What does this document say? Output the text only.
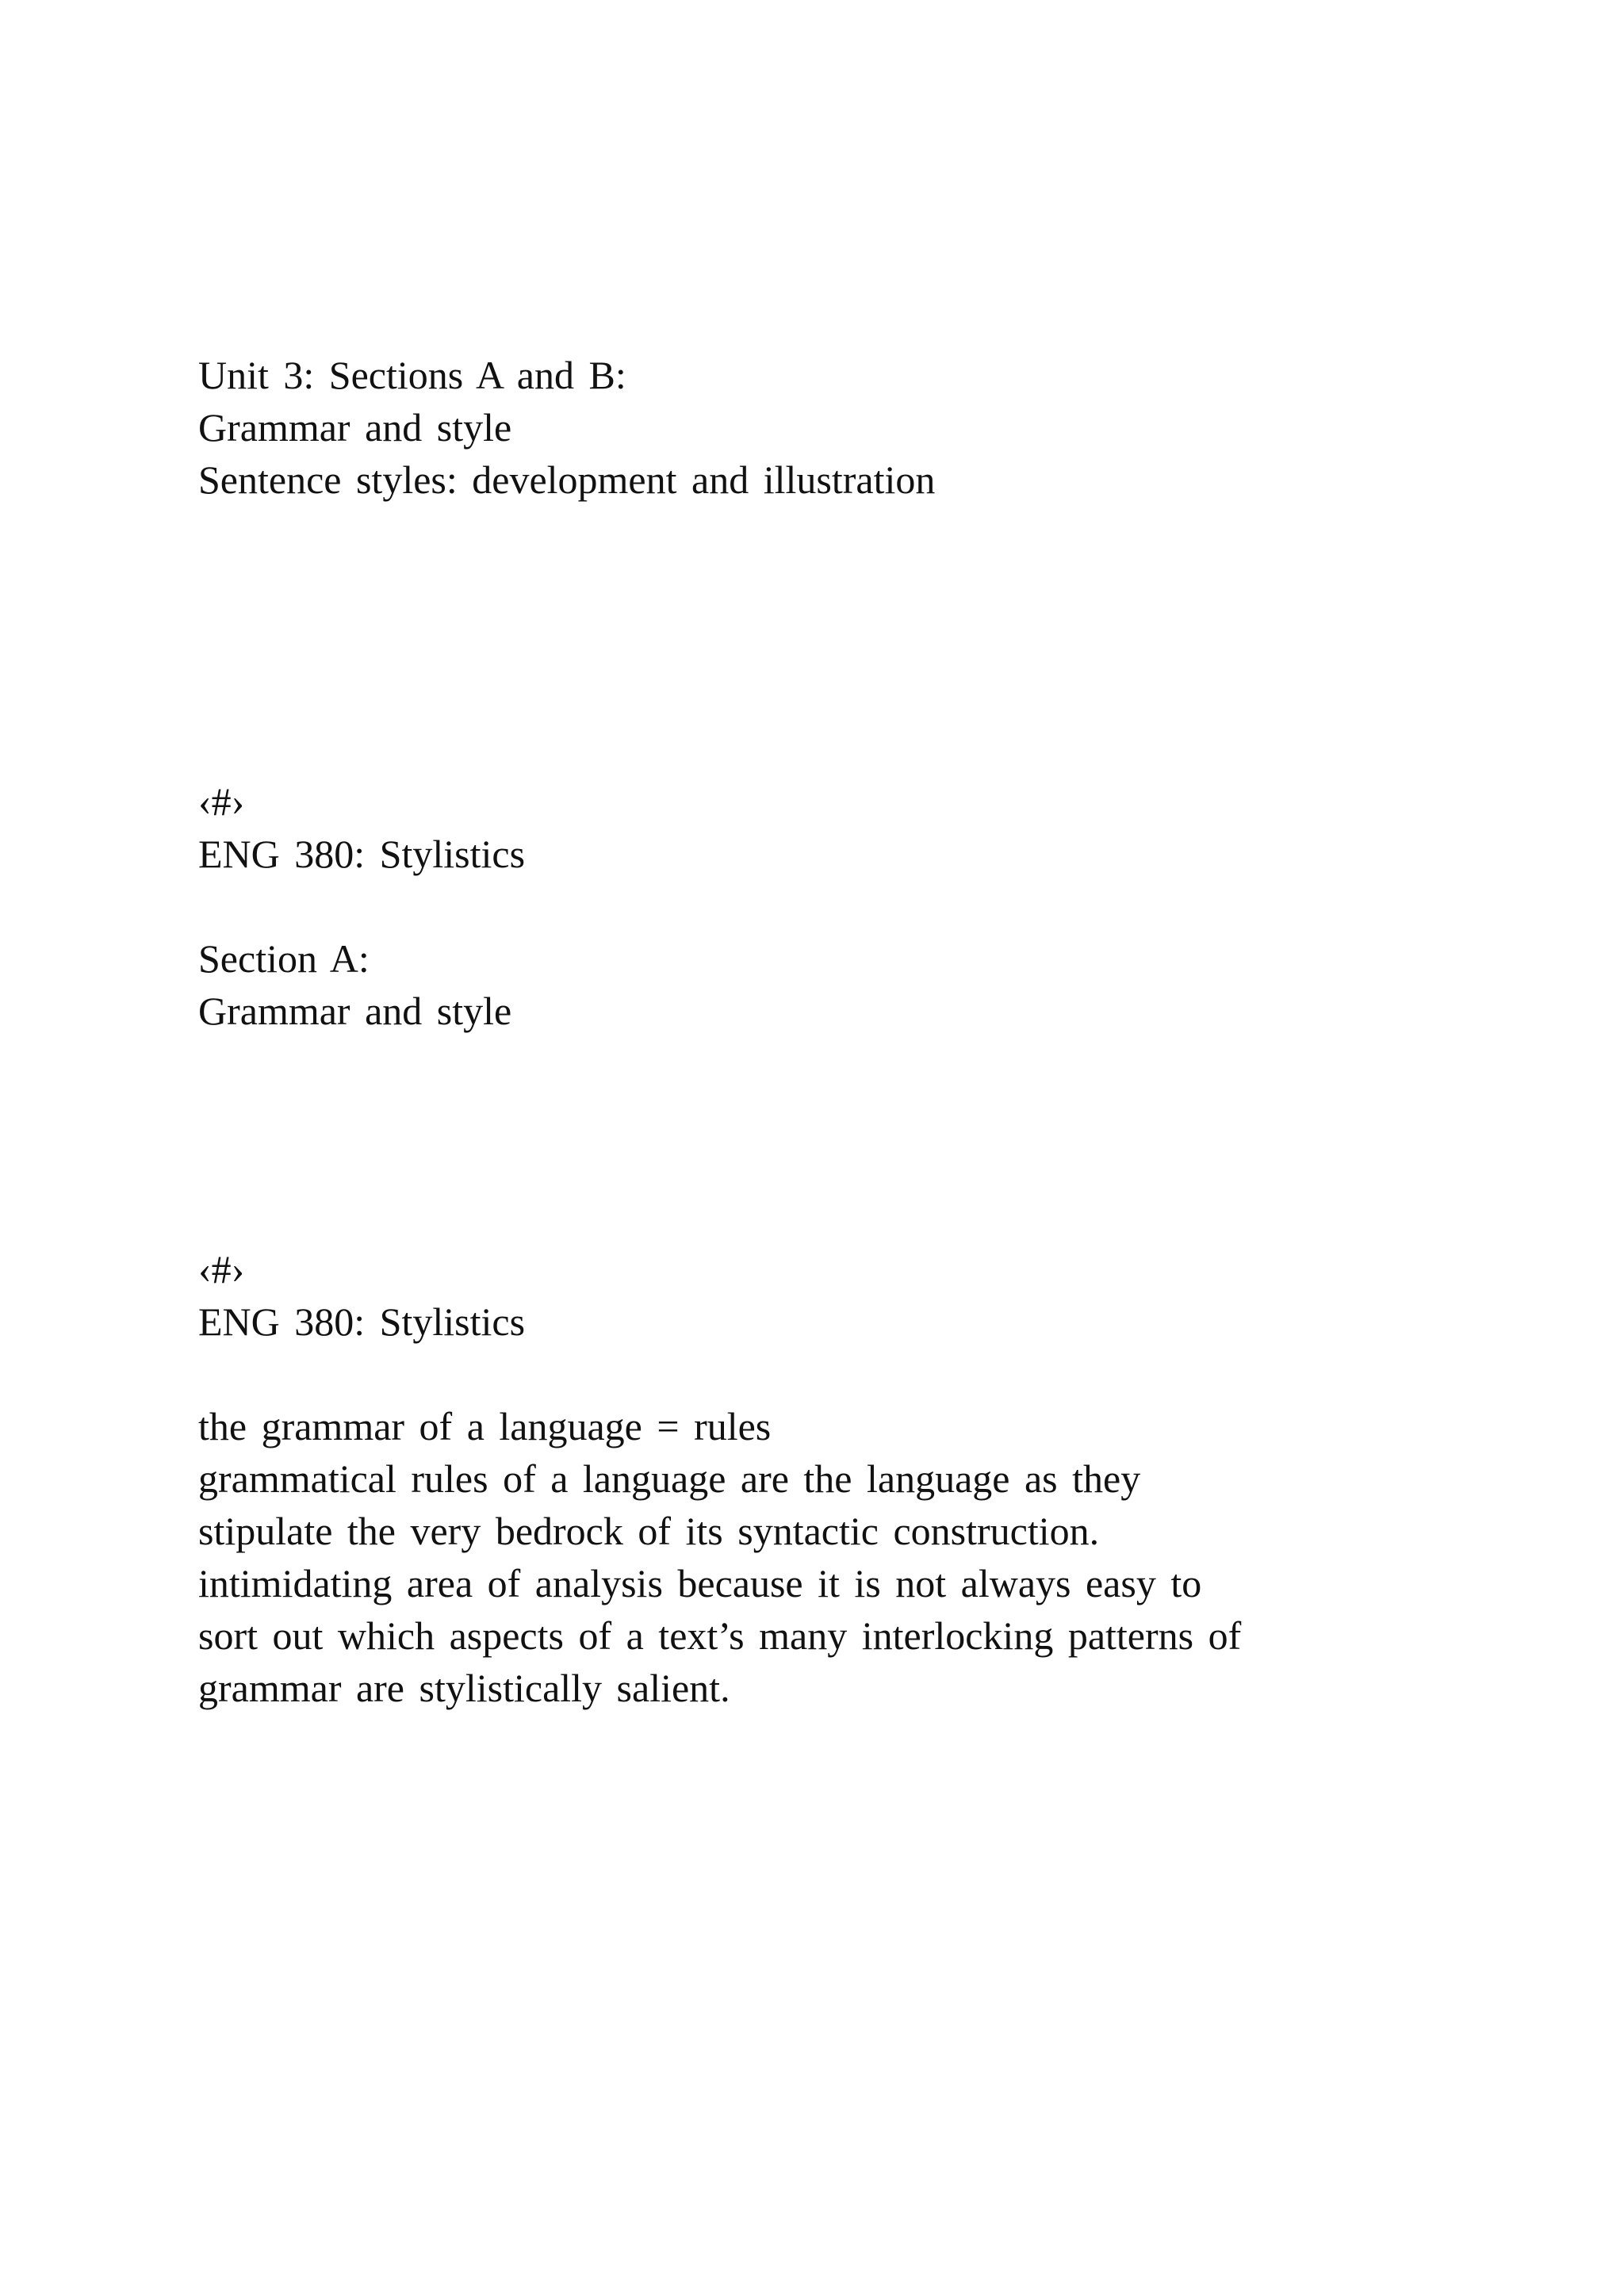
Unit 3: Sections A and B:
Grammar and style
Sentence styles: development and illustration
‹#›
ENG 380: Stylistics
Section A:
Grammar and style
‹#›
ENG 380: Stylistics
the grammar of a language = rules
grammatical rules of a language are the language as they
stipulate the very bedrock of its syntactic construction.
intimidating area of analysis because it is not always easy to
sort out which aspects of a text’s many interlocking patterns of
grammar are stylistically salient.
